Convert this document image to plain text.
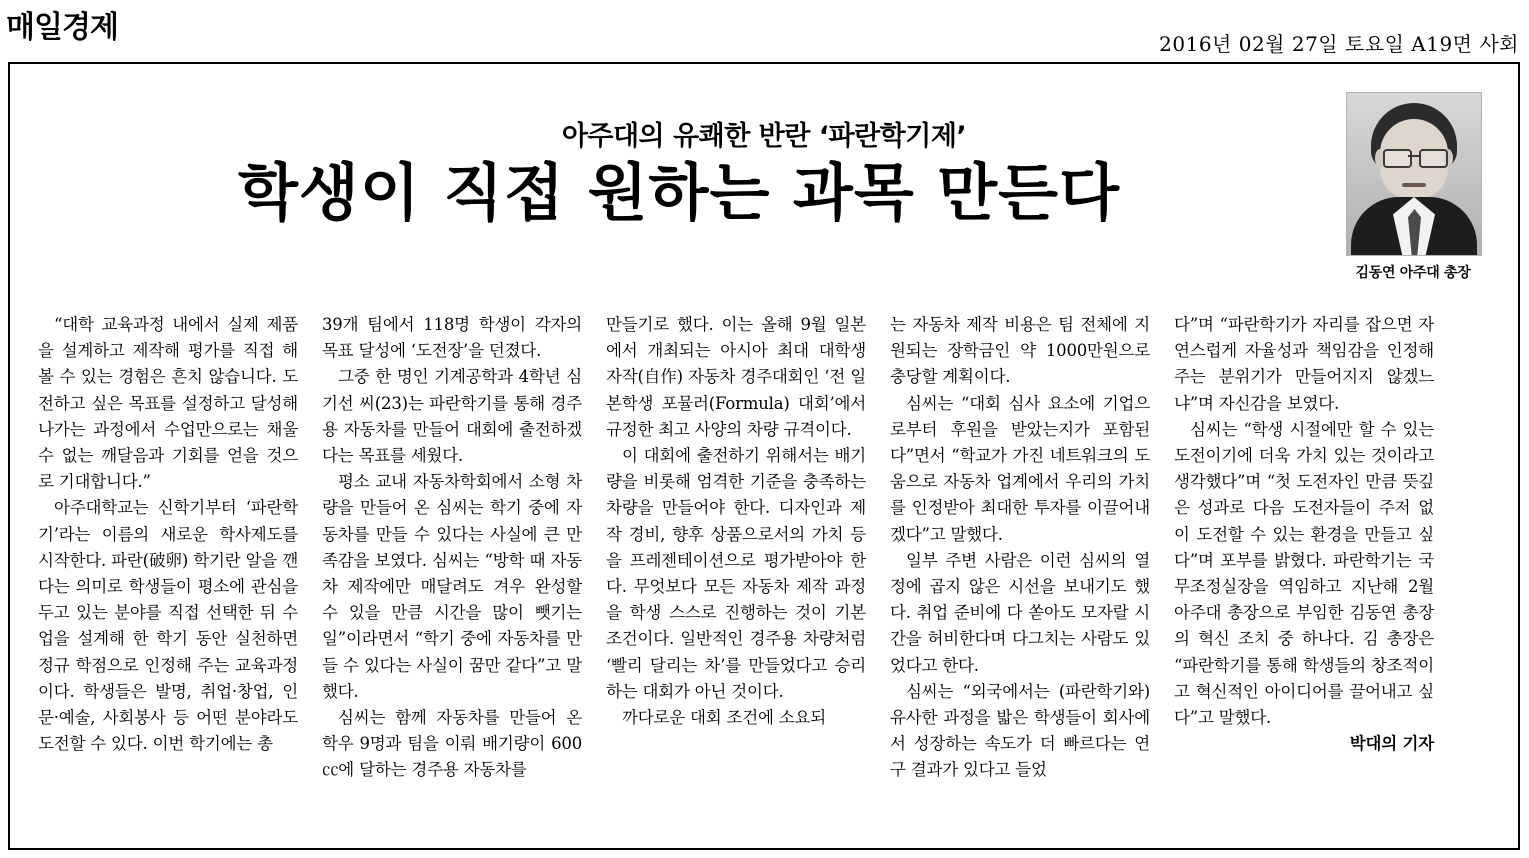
매일경제	2016년 02월 27일 토요일 A19면 사회
아주대의 유쾌한 반란 ‘파란학기제’
학생이 직접 원하는 과목 만든다
김동연 아주대 총장

“대학 교육과정 내에서 실제 제품을 설계하고 제작해 평가를 직접 해 볼 수 있는 경험은 흔치 않습니다. 도전하고 싶은 목표를 설정하고 달성해 나가는 과정에서 수업만으로는 채울 수 없는 깨달음과 기회를 얻을 것으로 기대합니다.”

아주대학교는 신학기부터 ‘파란학기’라는 이름의 새로운 학사제도를 시작한다. 파란(破卵) 학기란 알을 깬다는 의미로 학생들이 평소에 관심을 두고 있는 분야를 직접 선택한 뒤 수업을 설계해 한 학기 동안 실천하면 정규 학점으로 인정해 주는 교육과정이다. 학생들은 발명, 취업·창업, 인문·예술, 사회봉사 등 어떤 분야라도 도전할 수 있다. 이번 학기에는 총

39개 팀에서 118명 학생이 각자의 목표 달성에 ‘도전장’을 던졌다.

그중 한 명인 기계공학과 4학년 심기선 씨(23)는 파란학기를 통해 경주용 자동차를 만들어 대회에 출전하겠다는 목표를 세웠다.

평소 교내 자동차학회에서 소형 차량을 만들어 온 심씨는 학기 중에 자동차를 만들 수 있다는 사실에 큰 만족감을 보였다. 심씨는 “방학 때 자동차 제작에만 매달려도 겨우 완성할 수 있을 만큼 시간을 많이 뺏기는 일”이라면서 “학기 중에 자동차를 만들 수 있다는 사실이 꿈만 같다”고 말했다.

심씨는 함께 자동차를 만들어 온 학우 9명과 팀을 이뤄 배기량이 600㏄에 달하는 경주용 자동차를

만들기로 했다. 이는 올해 9월 일본에서 개최되는 아시아 최대 대학생 자작(自作) 자동차 경주대회인 ‘전 일본학생 포뮬러(Formula) 대회’에서 규정한 최고 사양의 차량 규격이다.

이 대회에 출전하기 위해서는 배기량을 비롯해 엄격한 기준을 충족하는 차량을 만들어야 한다. 디자인과 제작 경비, 향후 상품으로서의 가치 등을 프레젠테이션으로 평가받아야 한다. 무엇보다 모든 자동차 제작 과정을 학생 스스로 진행하는 것이 기본 조건이다. 일반적인 경주용 차량처럼 ‘빨리 달리는 차’를 만들었다고 승리하는 대회가 아닌 것이다.

까다로운 대회 조건에 소요되

는 자동차 제작 비용은 팀 전체에 지원되는 장학금인 약 1000만원으로 충당할 계획이다.

심씨는 “대회 심사 요소에 기업으로부터 후원을 받았는지가 포함된다”면서 “학교가 가진 네트워크의 도움으로 자동차 업계에서 우리의 가치를 인정받아 최대한 투자를 이끌어내겠다”고 말했다.

일부 주변 사람은 이런 심씨의 열정에 곱지 않은 시선을 보내기도 했다. 취업 준비에 다 쏟아도 모자랄 시간을 허비한다며 다그치는 사람도 있었다고 한다.

심씨는 “외국에서는 (파란학기와) 유사한 과정을 밟은 학생들이 회사에서 성장하는 속도가 더 빠르다는 연구 결과가 있다고 들었

다”며 “파란학기가 자리를 잡으면 자연스럽게 자율성과 책임감을 인정해 주는 분위기가 만들어지지 않겠느냐”며 자신감을 보였다.

심씨는 “학생 시절에만 할 수 있는 도전이기에 더욱 가치 있는 것이라고 생각했다”며 “첫 도전자인 만큼 뜻깊은 성과로 다음 도전자들이 주저 없이 도전할 수 있는 환경을 만들고 싶다”며 포부를 밝혔다. 파란학기는 국무조정실장을 역임하고 지난해 2월 아주대 총장으로 부임한 김동연 총장의 혁신 조치 중 하나다. 김 총장은 “파란학기를 통해 학생들의 창조적이고 혁신적인 아이디어를 끌어내고 싶다”고 말했다.

박대의 기자
